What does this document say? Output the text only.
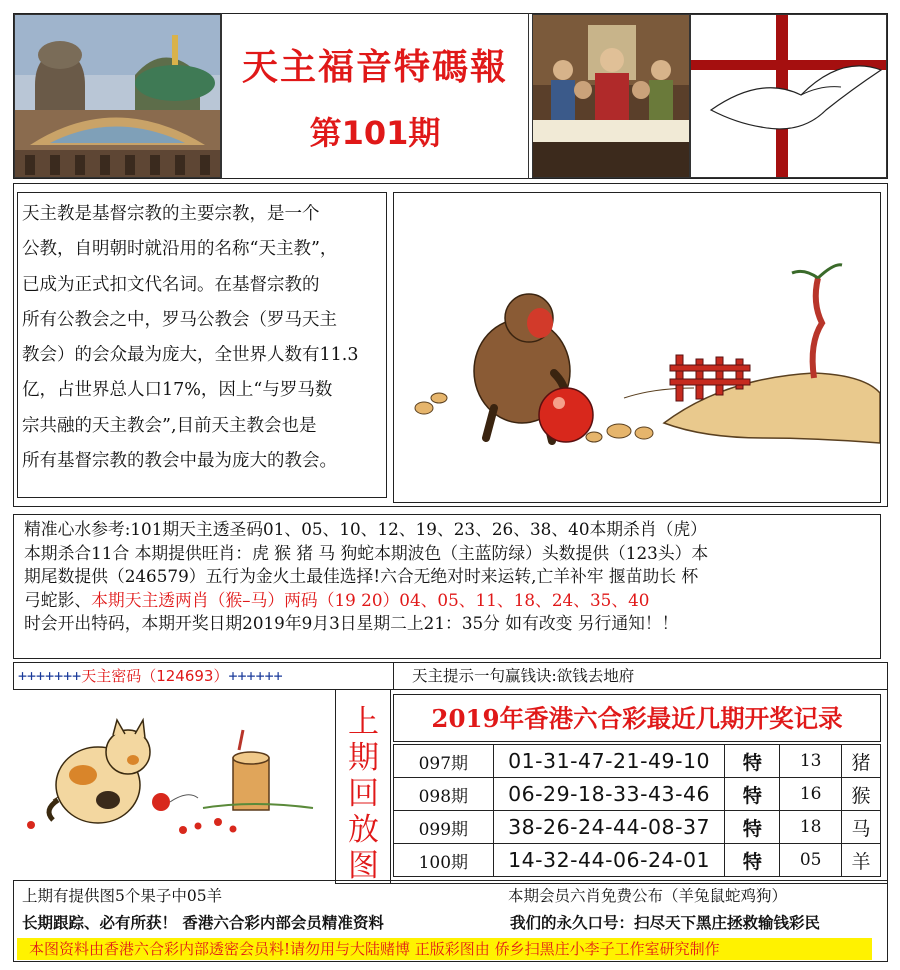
天主福音特碼報
第101期
天主教是基督宗教的主要宗教，是一个
公教，自明朝时就沿用的名称“天主教”，
已成为正式扣文代名词。在基督宗教的
所有公教会之中，罗马公教会（罗马天主
教会）的会众最为庞大，全世界人数有11.3
亿，占世界总人口17%，因上“与罗马数
宗共融的天主教会”,目前天主教会也是
所有基督宗教的教会中最为庞大的教会。
精准心水参考:101期天主透圣码01、05、10、12、19、23、26、38、40本期杀肖（虎）
本期杀合11合 本期提供旺肖：虎 猴 猪 马 狗蛇本期波色（主蓝防绿）头数提供（123头）本
期尾数提供（246579）五行为金火土最佳选择!六合无绝对时来运转,亡羊补牢 揠苗助长 杯
弓蛇影、本期天主透两肖（猴–马）两码（19 20）04、05、11、18、24、35、40
时会开出特码，本期开奖日期2019年9月3日星期二上21：35分 如有改变 另行通知！！
+++++++天主密码（124693）++++++	天主提示一句赢钱诀:欲钱去地府
上
期
回
放
图
2019年香港六合彩最近几期开奖记录
097期	01-31-47-21-49-10	特	13	猪
098期	06-29-18-33-43-46	特	16	猴
099期	38-26-24-44-08-37	特	18	马
100期	14-32-44-06-24-01	特	05	羊
上期有提供图5个果子中05羊	本期会员六肖免费公布（羊兔鼠蛇鸡狗）
长期跟踪、必有所获！ 香港六合彩内部会员精准资料	我们的永久口号：扫尽天下黑庄拯救输钱彩民
本图资料由香港六合彩内部透密会员料!请勿用与大陆赌博 正版彩图由 侨乡扫黑庄小李子工作室研究制作
